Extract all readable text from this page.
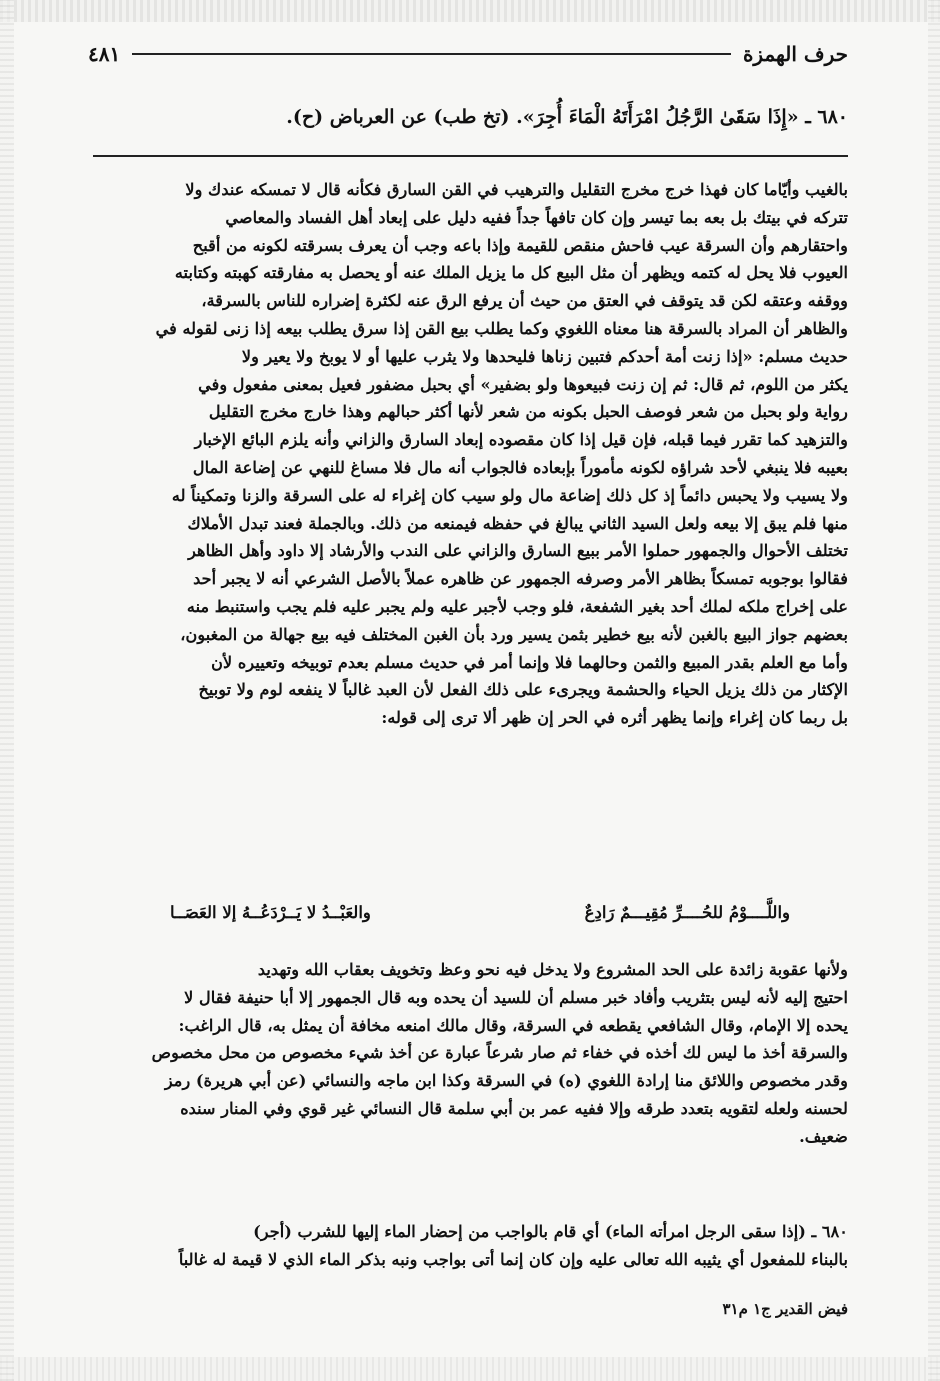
حرف الهمزة
٤٨١
٦٨٠ ـ «إِذَا سَقَىٰ الرَّجُلُ امْرَأَتَهُ الْمَاءَ أُجِرَ». (تخ طب) عن العرباض (ح).

بالغيب وأيّاما كان فهذا خرج مخرج التقليل والترهيب في القن السارق فكأنه قال لا تمسكه عندك ولا

تتركه في بيتك بل بعه بما تيسر وإن كان تافهاً جداً ففيه دليل على إبعاد أهل الفساد والمعاصي

واحتقارهم وأن السرقة عيب فاحش منقص للقيمة وإذا باعه وجب أن يعرف بسرقته لكونه من أقبح

العيوب فلا يحل له كتمه ويظهر أن مثل البيع كل ما يزيل الملك عنه أو يحصل به مفارقته كهبته وكتابته

ووقفه وعتقه لكن قد يتوقف في العتق من حيث أن يرفع الرق عنه لكثرة إضراره للناس بالسرقة،

والظاهر أن المراد بالسرقة هنا معناه اللغوي وكما يطلب بيع القن إذا سرق يطلب بيعه إذا زنى لقوله في

حديث مسلم: «إذا زنت أمة أحدكم فتبين زناها فليحدها ولا يثرب عليها أو لا يوبخ ولا يعير ولا

يكثر من اللوم، ثم قال: ثم إن زنت فبيعوها ولو بضفير» أي بحبل مضفور فعيل بمعنى مفعول وفي

رواية ولو بحبل من شعر فوصف الحبل بكونه من شعر لأنها أكثر حبالهم وهذا خارج مخرج التقليل

والتزهيد كما تقرر فيما قبله، فإن قيل إذا كان مقصوده إبعاد السارق والزاني وأنه يلزم البائع الإخبار

بعيبه فلا ينبغي لأحد شراؤه لكونه مأموراً بإبعاده فالجواب أنه مال فلا مساغ للنهي عن إضاعة المال

ولا يسيب ولا يحبس دائماً إذ كل ذلك إضاعة مال ولو سيب كان إغراء له على السرقة والزنا وتمكيناً له

منها فلم يبق إلا بيعه ولعل السيد الثاني يبالغ في حفظه فيمنعه من ذلك. وبالجملة فعند تبدل الأملاك

تختلف الأحوال والجمهور حملوا الأمر ببيع السارق والزاني على الندب والأرشاد إلا داود وأهل الظاهر

فقالوا بوجوبه تمسكاً بظاهر الأمر وصرفه الجمهور عن ظاهره عملاً بالأصل الشرعي أنه لا يجبر أحد

على إخراج ملكه لملك أحد بغير الشفعة، فلو وجب لأجبر عليه ولم يجبر عليه فلم يجب واستنبط منه

بعضهم جواز البيع بالغبن لأنه بيع خطير بثمن يسير ورد بأن الغبن المختلف فيه بيع جهالة من المغبون،

وأما مع العلم بقدر المبيع والثمن وحالهما فلا وإنما أمر في حديث مسلم بعدم توبيخه وتعييره لأن

الإكثار من ذلك يزيل الحياء والحشمة ويجرىء على ذلك الفعل لأن العبد غالباً لا ينفعه لوم ولا توبيخ

بل ربما كان إغراء وإنما يظهر أثره في الحر إن ظهر ألا ترى إلى قوله:

واللَّــــوْمُ للحُــــرِّ مُقِيـــمٌ رَادِعٌ
والعَبْــدُ لا يَــرْدَعُــهُ إلا العَصَــا

ولأنها عقوبة زائدة على الحد المشروع ولا يدخل فيه نحو وعظ وتخويف بعقاب الله وتهديد

احتيج إليه لأنه ليس بتثريب وأفاد خبر مسلم أن للسيد أن يحده وبه قال الجمهور إلا أبا حنيفة فقال لا

يحده إلا الإمام، وقال الشافعي يقطعه في السرقة، وقال مالك امنعه مخافة أن يمثل به، قال الراغب:

والسرقة أخذ ما ليس لك أخذه في خفاء ثم صار شرعاً عبارة عن أخذ شيء مخصوص من محل مخصوص

وقدر مخصوص واللائق منا إرادة اللغوي (ه) في السرقة وكذا ابن ماجه والنسائي (عن أبي هريرة) رمز

لحسنه ولعله لتقويه بتعدد طرقه وإلا ففيه عمر بن أبي سلمة قال النسائي غير قوي وفي المنار سنده

ضعيف.

٦٨٠ ـ (إذا سقى الرجل امرأته الماء) أي قام بالواجب من إحضار الماء إليها للشرب (أجر)

بالبناء للمفعول أي يثيبه الله تعالى عليه وإن كان إنما أتى بواجب ونبه بذكر الماء الذي لا قيمة له غالباً

فيض القدير ج١ م٣١
